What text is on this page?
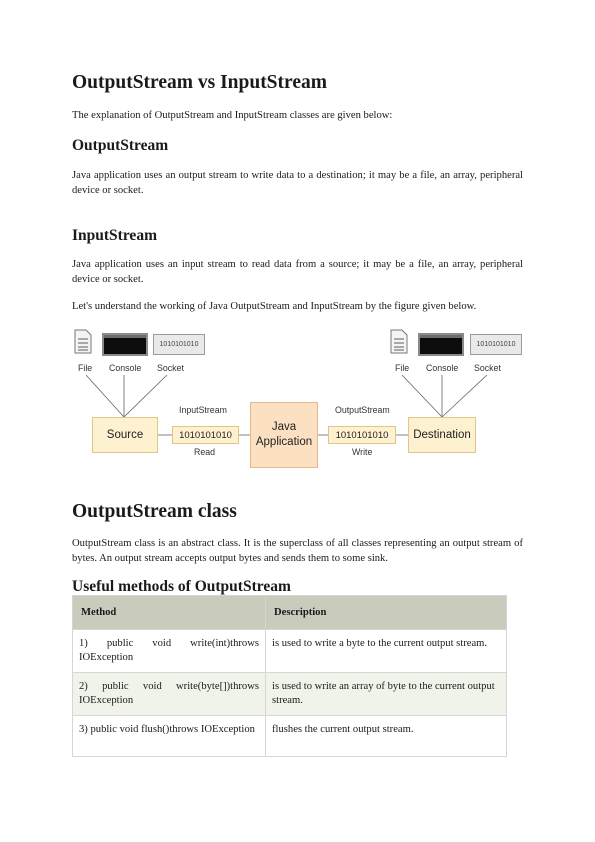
OutputStream vs InputStream

The explanation of OutputStream and InputStream classes are given below:

OutputStream

Java application uses an output stream to write data to a destination; it may be a file, an array, peripheral device or socket.

InputStream

Java application uses an input stream to read data from a source; it may be a file, an array, peripheral device or socket.

Let's understand the working of Java OutputStream and InputStream by the figure given below.

1010101010
File Console Socket
1010101010
File Console Socket
Source
InputStream
1010101010
Read
Java
Application
OutputStream
1010101010
Write
Destination
OutputStream class

OutputStream class is an abstract class. It is the superclass of all classes representing an output stream of bytes. An output stream accepts output bytes and sends them to some sink.

Useful methods of OutputStream
Method	Description
1) public void write(int)throws IOException	is used to write a byte to the current output stream.
2) public void write(byte[])throws IOException	is used to write an array of byte to the current output stream.
3) public void flush()throws IOException	flushes the current output stream.
